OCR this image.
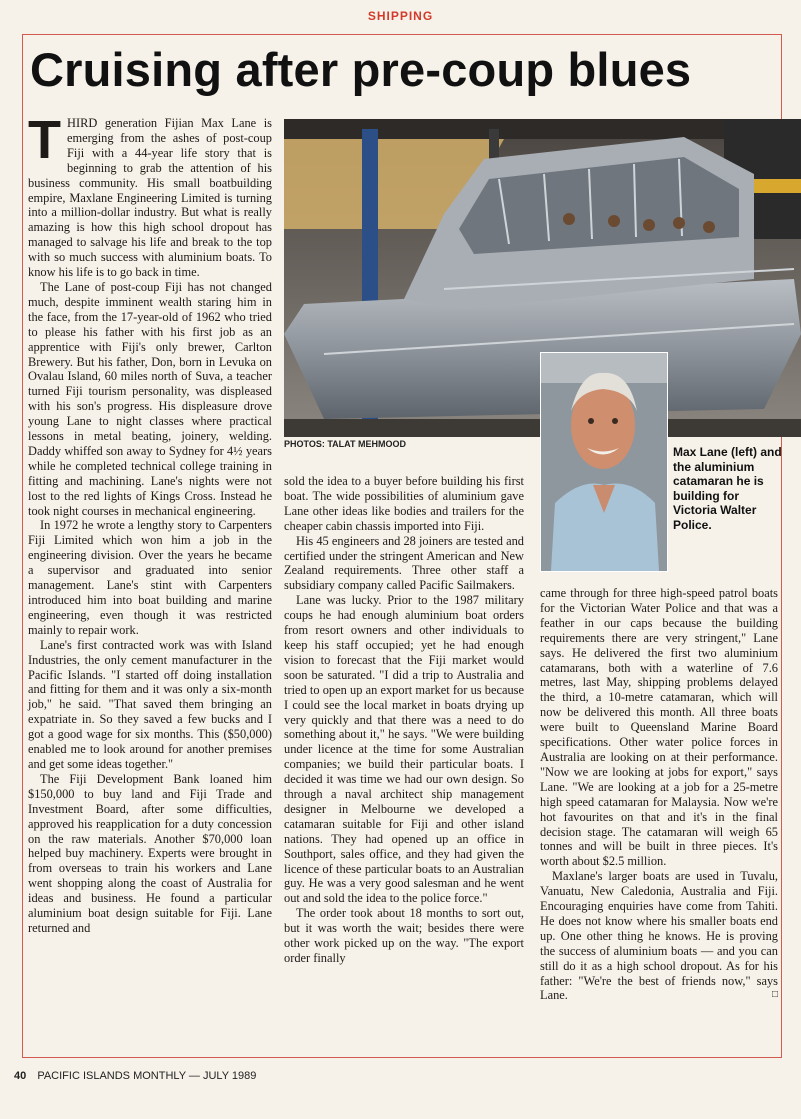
SHIPPING
Cruising after pre-coup blues

THIRD generation Fijian Max Lane is emerging from the ashes of post-coup Fiji with a 44-year life story that is beginning to grab the attention of his business community. His small boatbuilding empire, Maxlane Engineering Limited is turning into a million-dollar industry. But what is really amazing is how this high school dropout has managed to salvage his life and break to the top with so much success with aluminium boats. To know his life is to go back in time.

The Lane of post-coup Fiji has not changed much, despite imminent wealth staring him in the face, from the 17-year-old of 1962 who tried to please his father with his first job as an apprentice with Fiji's only brewer, Carlton Brewery. But his father, Don, born in Levuka on Ovalau Island, 60 miles north of Suva, a teacher turned Fiji tourism personality, was displeased with his son's progress. His displeasure drove young Lane to night classes where practical lessons in metal beating, joinery, welding. Daddy whiffed son away to Sydney for 4½ years while he completed technical college training in fitting and machining. Lane's nights were not lost to the red lights of Kings Cross. Instead he took night courses in mechanical engineering.

In 1972 he wrote a lengthy story to Carpenters Fiji Limited which won him a job in the engineering division. Over the years he became a supervisor and graduated into senior management. Lane's stint with Carpenters introduced him into boat building and marine engineering, even though it was restricted mainly to repair work.

Lane's first contracted work was with Island Industries, the only cement manufacturer in the Pacific Islands. "I started off doing installation and fitting for them and it was only a six-month job," he said. "That saved them bringing an expatriate in. So they saved a few bucks and I got a good wage for six months. This ($50,000) enabled me to look around for another premises and get some ideas together."

The Fiji Development Bank loaned him $150,000 to buy land and Fiji Trade and Investment Board, after some difficulties, approved his reapplication for a duty concession on the raw materials. Another $70,000 loan helped buy machinery. Experts were brought in from overseas to train his workers and Lane went shopping along the coast of Australia for ideas and business. He found a particular aluminium boat design suitable for Fiji. Lane returned and

PHOTOS: TALAT MEHMOOD
Max Lane (left) and the aluminium catamaran he is building for Victoria Walter Police.

sold the idea to a buyer before building his first boat. The wide possibilities of aluminium gave Lane other ideas like bodies and trailers for the cheaper cabin chassis imported into Fiji.

His 45 engineers and 28 joiners are tested and certified under the stringent American and New Zealand requirements. Three other staff a subsidiary company called Pacific Sailmakers.

Lane was lucky. Prior to the 1987 military coups he had enough aluminium boat orders from resort owners and other individuals to keep his staff occupied; yet he had enough vision to forecast that the Fiji market would soon be saturated. "I did a trip to Australia and tried to open up an export market for us because I could see the local market in boats drying up very quickly and that there was a need to do something about it," he says. "We were building under licence at the time for some Australian companies; we build their particular boats. I decided it was time we had our own design. So through a naval architect ship management designer in Melbourne we developed a catamaran suitable for Fiji and other island nations. They had opened up an office in Southport, sales office, and they had given the licence of these particular boats to an Australian guy. He was a very good salesman and he went out and sold the idea to the police force."

The order took about 18 months to sort out, but it was worth the wait; besides there were other work picked up on the way. "The export order finally

came through for three high-speed patrol boats for the Victorian Water Police and that was a feather in our caps because the building requirements there are very stringent," Lane says. He delivered the first two aluminium catamarans, both with a waterline of 7.6 metres, last May, shipping problems delayed the third, a 10-metre catamaran, which will now be delivered this month. All three boats were built to Queensland Marine Board specifications. Other water police forces in Australia are looking on at their performance. "Now we are looking at jobs for export," says Lane. "We are looking at a job for a 25-metre high speed catamaran for Malaysia. Now we're hot favourites on that and it's in the final decision stage. The catamaran will weigh 65 tonnes and will be built in three pieces. It's worth about $2.5 million.

Maxlane's larger boats are used in Tuvalu, Vanuatu, New Caledonia, Australia and Fiji. Encouraging enquiries have come from Tahiti. He does not know where his smaller boats end up. One other thing he knows. He is proving the success of aluminium boats — and you can still do it as a high school dropout. As for his father: "We're the best of friends now," says Lane.	□

40 PACIFIC ISLANDS MONTHLY — JULY 1989
